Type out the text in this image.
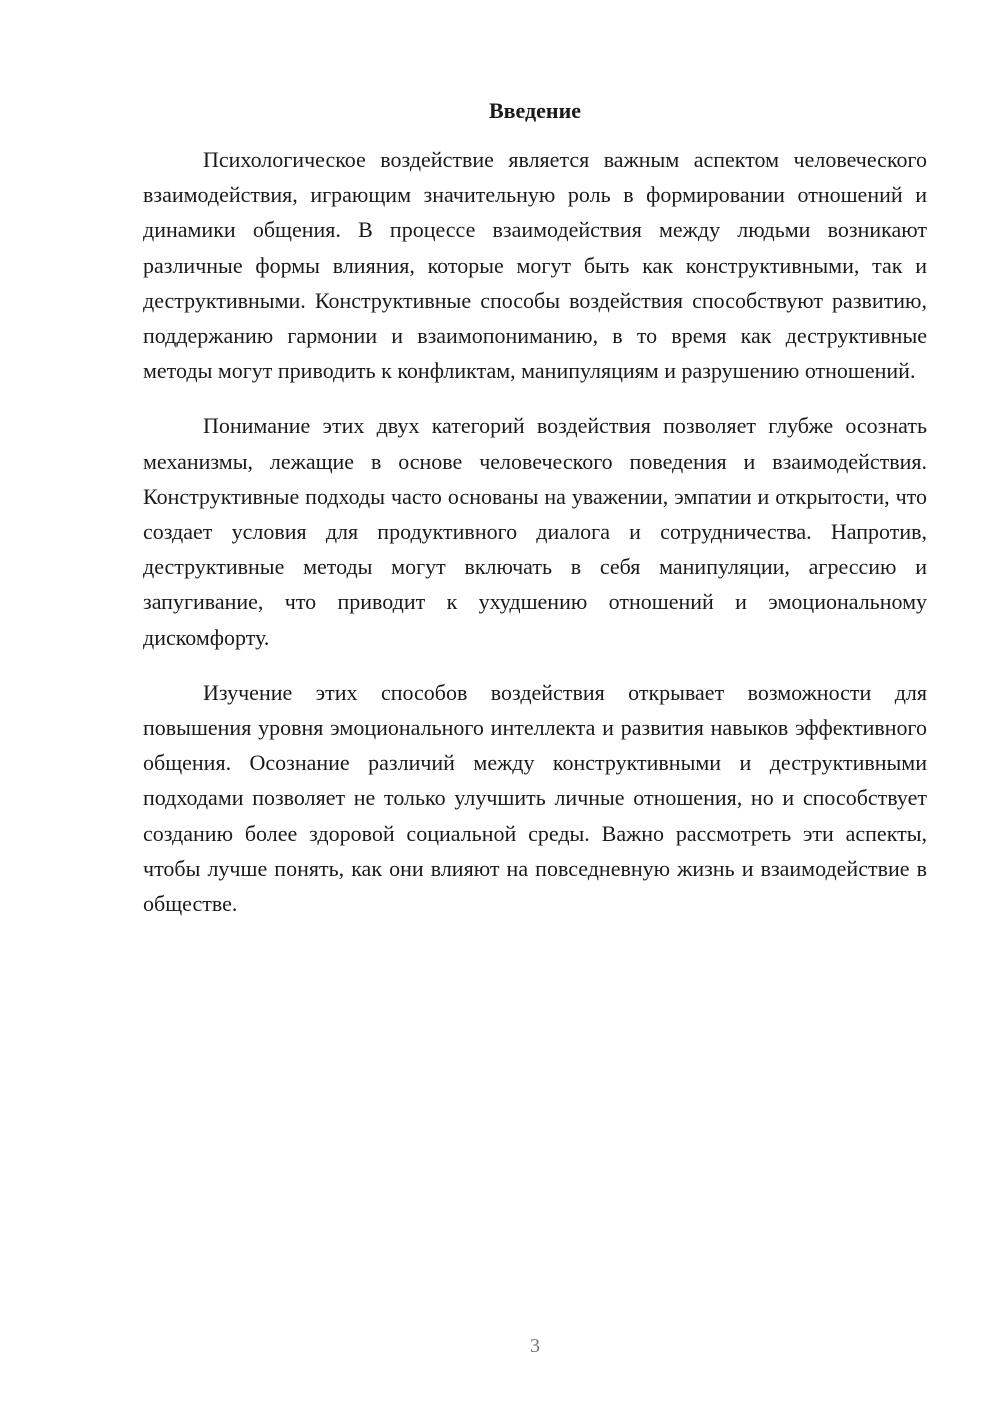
Введение

Психологическое воздействие является важным аспектом человеческого взаимодействия, играющим значительную роль в формировании отношений и динамики общения. В процессе взаимодействия между людьми возникают различные формы влияния, которые могут быть как конструктивными, так и деструктивными. Конструктивные способы воздействия способствуют развитию, поддержанию гармонии и взаимопониманию, в то время как деструктивные методы могут приводить к конфликтам, манипуляциям и разрушению отношений.

Понимание этих двух категорий воздействия позволяет глубже осознать механизмы, лежащие в основе человеческого поведения и взаимодействия. Конструктивные подходы часто основаны на уважении, эмпатии и открытости, что создает условия для продуктивного диалога и сотрудничества. Напротив, деструктивные методы могут включать в себя манипуляции, агрессию и запугивание, что приводит к ухудшению отношений и эмоциональному дискомфорту.

Изучение этих способов воздействия открывает возможности для повышения уровня эмоционального интеллекта и развития навыков эффективного общения. Осознание различий между конструктивными и деструктивными подходами позволяет не только улучшить личные отношения, но и способствует созданию более здоровой социальной среды. Важно рассмотреть эти аспекты, чтобы лучше понять, как они влияют на повседневную жизнь и взаимодействие в обществе.

3
